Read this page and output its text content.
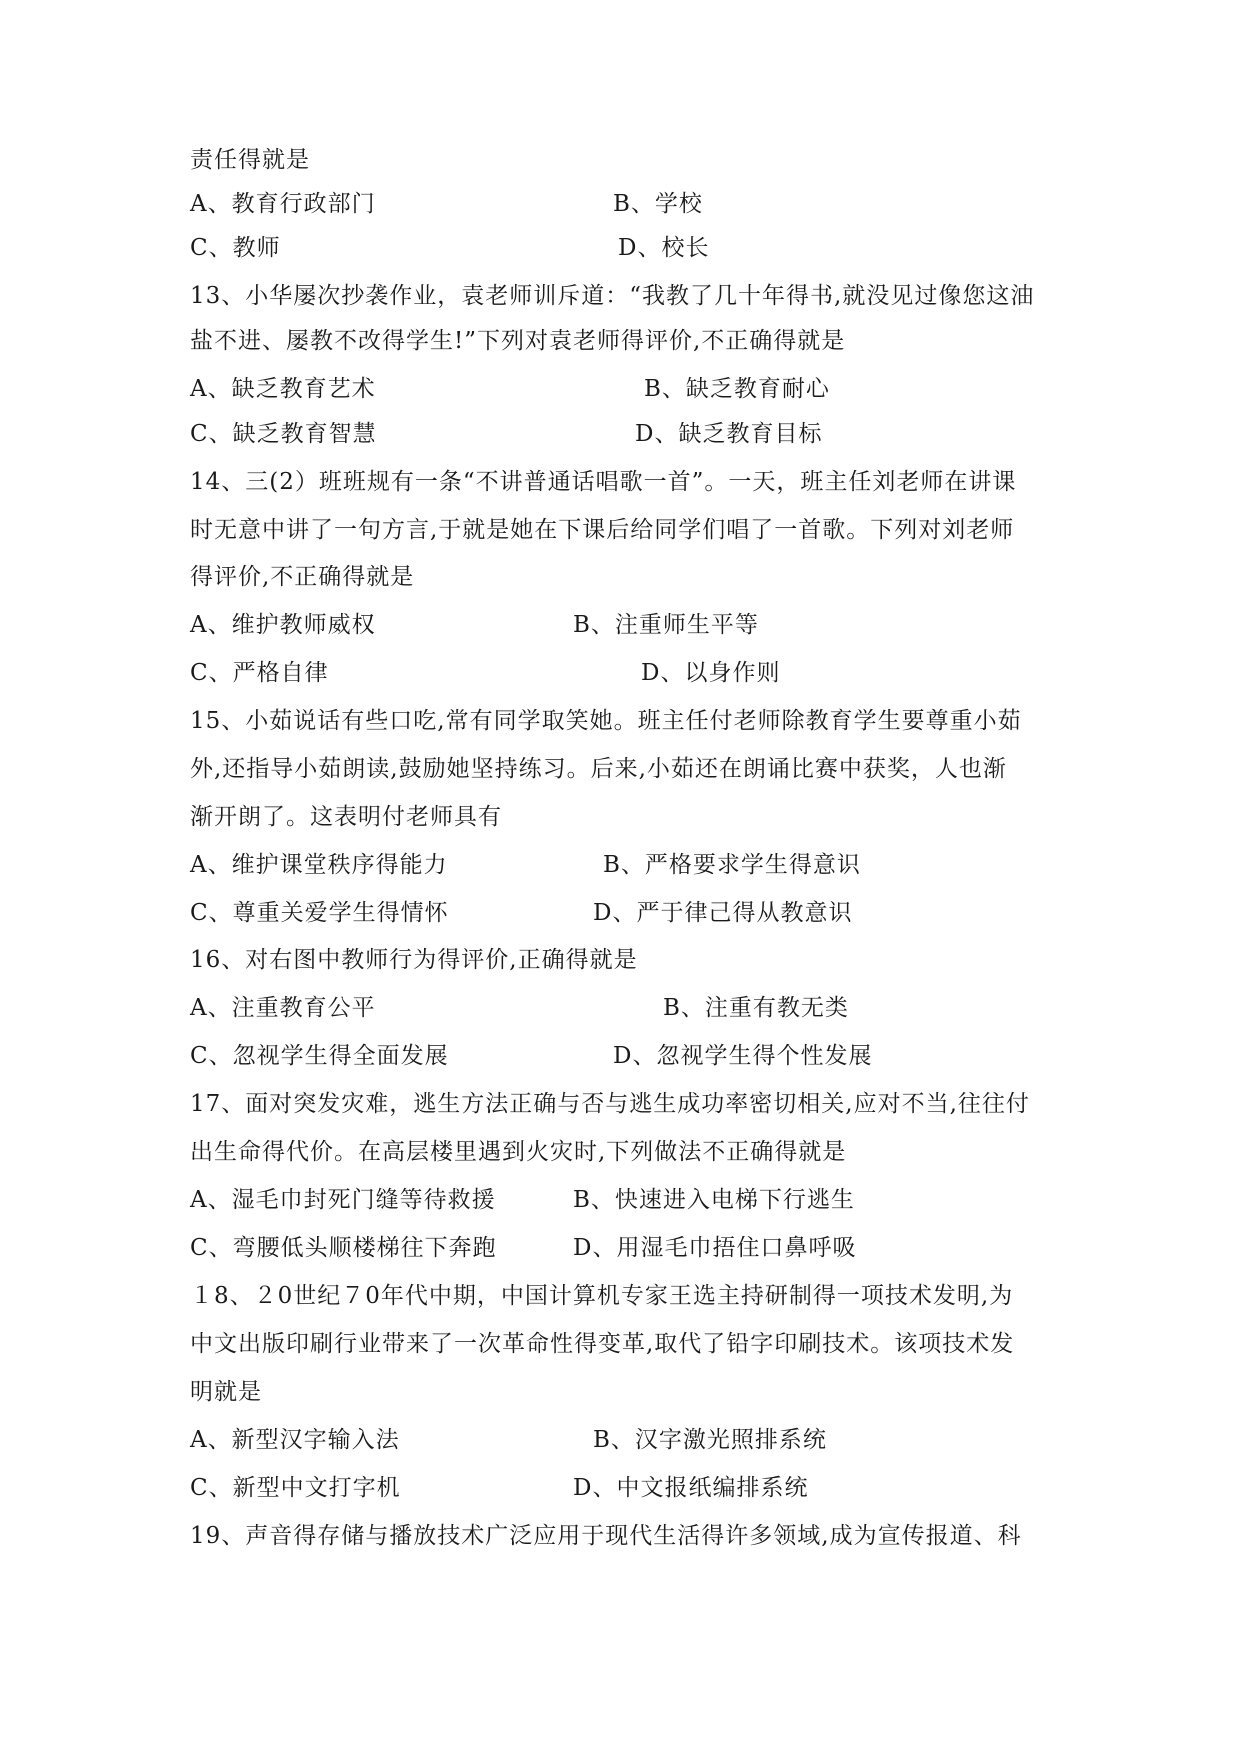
责任得就是
A、教育行政部门	B、学校
C、教师	D、校长
13、小华屡次抄袭作业，袁老师训斥道：“我教了几十年得书,就没见过像您这油
盐不进、屡教不改得学生!”下列对袁老师得评价,不正确得就是
A、缺乏教育艺术	B、缺乏教育耐心
C、缺乏教育智慧	D、缺乏教育目标
14、三(2）班班规有一条“不讲普通话唱歌一首”。一天，班主任刘老师在讲课
时无意中讲了一句方言,于就是她在下课后给同学们唱了一首歌。下列对刘老师
得评价,不正确得就是
A、维护教师威权	B、注重师生平等
C、严格自律	D、以身作则
15、小茹说话有些口吃,常有同学取笑她。班主任付老师除教育学生要尊重小茹
外,还指导小茹朗读,鼓励她坚持练习。后来,小茹还在朗诵比赛中获奖，人也渐
渐开朗了。这表明付老师具有
A、维护课堂秩序得能力	B、严格要求学生得意识
C、尊重关爱学生得情怀	D、严于律己得从教意识
16、对右图中教师行为得评价,正确得就是
A、注重教育公平	B、注重有教无类
C、忽视学生得全面发展	D、忽视学生得个性发展
17、面对突发灾难，逃生方法正确与否与逃生成功率密切相关,应对不当,往往付
出生命得代价。在高层楼里遇到火灾时,下列做法不正确得就是
A、湿毛巾封死门缝等待救援	B、快速进入电梯下行逃生
C、弯腰低头顺楼梯往下奔跑	D、用湿毛巾捂住口鼻呼吸
１8、２0世纪７0年代中期，中国计算机专家王选主持研制得一项技术发明,为
中文出版印刷行业带来了一次革命性得变革,取代了铅字印刷技术。该项技术发
明就是
A、新型汉字输入法	B、汉字激光照排系统
C、新型中文打字机	D、中文报纸编排系统
19、声音得存储与播放技术广泛应用于现代生活得许多领域,成为宣传报道、科
